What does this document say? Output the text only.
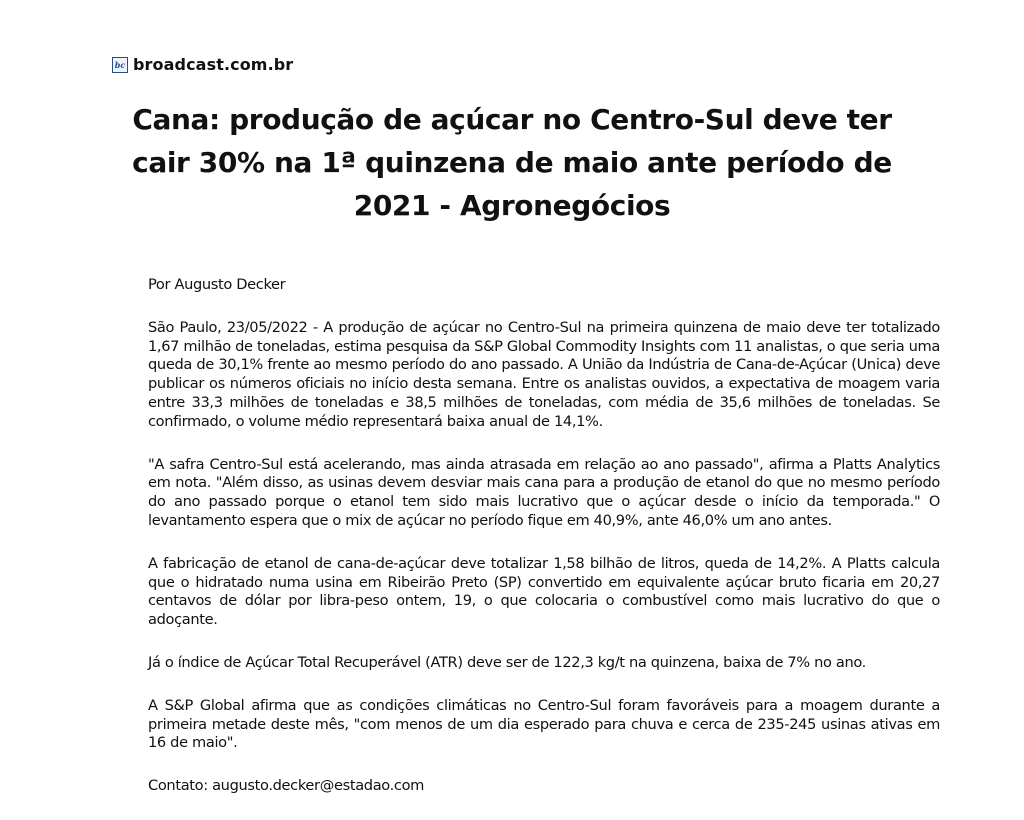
bc broadcast.com.br
Cana: produção de açúcar no Centro-Sul deve ter cair 30% na 1ª quinzena de maio ante período de 2021 - Agronegócios

Por Augusto Decker

São Paulo, 23/05/2022 - A produção de açúcar no Centro-Sul na primeira quinzena de maio deve ter totalizado 1,67 milhão de toneladas, estima pesquisa da S&P Global Commodity Insights com 11 analistas, o que seria uma queda de 30,1% frente ao mesmo período do ano passado. A União da Indústria de Cana-de-Açúcar (Unica) deve publicar os números oficiais no início desta semana. Entre os analistas ouvidos, a expectativa de moagem varia entre 33,3 milhões de toneladas e 38,5 milhões de toneladas, com média de 35,6 milhões de toneladas. Se confirmado, o volume médio representará baixa anual de 14,1%.

"A safra Centro-Sul está acelerando, mas ainda atrasada em relação ao ano passado", afirma a Platts Analytics em nota. "Além disso, as usinas devem desviar mais cana para a produção de etanol do que no mesmo período do ano passado porque o etanol tem sido mais lucrativo que o açúcar desde o início da temporada." O levantamento espera que o mix de açúcar no período fique em 40,9%, ante 46,0% um ano antes.

A fabricação de etanol de cana-de-açúcar deve totalizar 1,58 bilhão de litros, queda de 14,2%. A Platts calcula que o hidratado numa usina em Ribeirão Preto (SP) convertido em equivalente açúcar bruto ficaria em 20,27 centavos de dólar por libra-peso ontem, 19, o que colocaria o combustível como mais lucrativo do que o adoçante.

Já o índice de Açúcar Total Recuperável (ATR) deve ser de 122,3 kg/t na quinzena, baixa de 7% no ano.

A S&P Global afirma que as condições climáticas no Centro-Sul foram favoráveis para a moagem durante a primeira metade deste mês, "com menos de um dia esperado para chuva e cerca de 235-245 usinas ativas em 16 de maio".

Contato: augusto.decker@estadao.com
